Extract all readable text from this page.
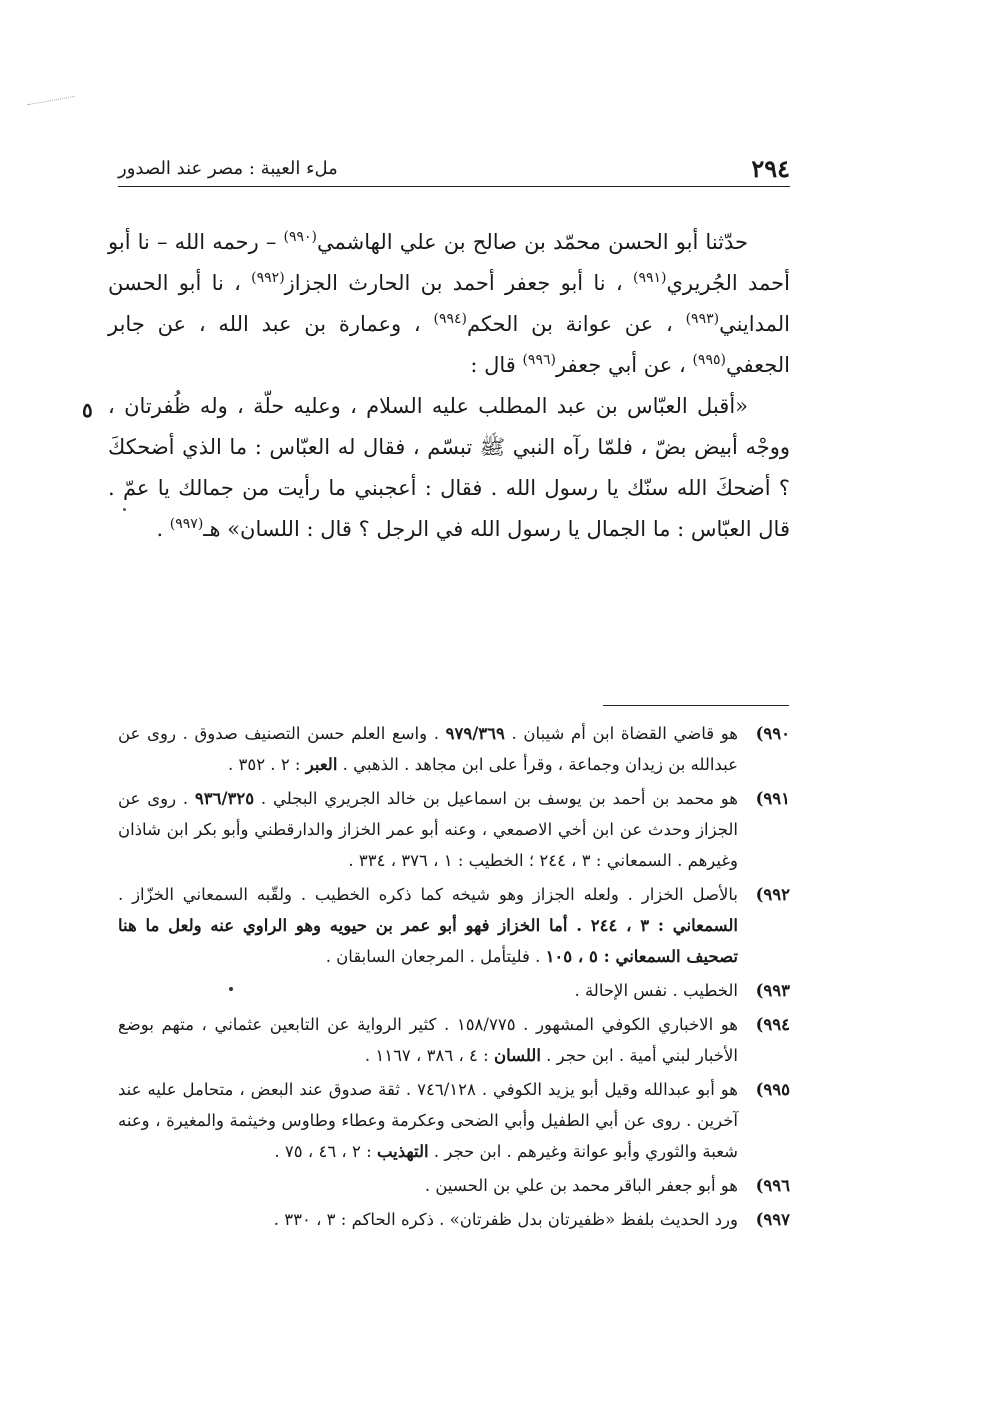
٢٩٤
ملء العيبة : مصر عند الصدور

  حدّثنا أبو الحسن محمّد بن صالح بن علي الهاشمي$^{(٩٩٠)}$ – رحمه الله – نا أبو أحمد الجُريري$^{(٩٩١)}$ ، نا أبو جعفر أحمد بن الحارث الجزاز$^{(٩٩٢)}$ ، نا أبو الحسن المدايني$^{(٩٩٣)}$ ، عن عوانة بن الحكم$^{(٩٩٤)}$ ، وعمارة بن عبد الله ، عن جابر الجعفي$^{(٩٩٥)}$ ، عن أبي جعفر$^{(٩٩٦)}$ قال :

  «أقبل العبّاس بن عبد المطلب عليه السلام ، وعليه حلّة ، وله ظُفرتان ، ووجْه أبيض بضّ ، فلمّا رآه النبي ﷺ تبسّم ، فقال له العبّاس : ما الذي أضحككَ ؟ أضحكَ الله سنّك يا رسول الله . فقال : أعجبني ما رأيت من جمالك يا عمّ . قال العبّاس : ما الجمال يا رسول الله في الرجل ؟ قال : اللسان» هـ$^{(٩٩٧)}$ .

٥
٩٩٠)
هو قاضي القضاة ابن أم شيبان . ٩٧٩/٣٦٩ . واسع العلم حسن التصنيف صدوق . روى عن عبدالله بن زيدان وجماعة ، وقرأ على ابن مجاهد . الذهبي . العبر : ٢ . ٣٥٢ .
٩٩١)
هو محمد بن أحمد بن يوسف بن اسماعيل بن خالد الجريري البجلي . ٩٣٦/٣٢٥ . روى عن الجزاز وحدث عن ابن أخي الاصمعي ، وعنه أبو عمر الخزاز والدارقطني وأبو بكر ابن شاذان وغيرهم . السمعاني : ٣ ، ٢٤٤ ؛ الخطيب : ١ ، ٣٧٦ ، ٣٣٤ .
٩٩٢)
بالأصل الخزار . ولعله الجزاز وهو شيخه كما ذكره الخطيب . ولقّبه السمعاني الخزّاز . السمعاني : ٣ ، ٢٤٤ . أما الخزاز فهو أبو عمر بن حيويه وهو الراوي عنه ولعل ما هنا تصحيف السمعاني : ٥ ، ١٠٥ . فليتأمل . المرجعان السابقان .
٩٩٣)
الخطيب . نفس الإحالة .
٩٩٤)
هو الاخباري الكوفي المشهور . ١٥٨/٧٧٥ . كثير الرواية عن التابعين عثماني ، متهم بوضع الأخبار لبني أمية . ابن حجر . اللسان : ٤ ، ٣٨٦ ، ١١٦٧ .
٩٩٥)
هو أبو عبدالله وقيل أبو يزيد الكوفي . ٧٤٦/١٢٨ . ثقة صدوق عند البعض ، متحامل عليه عند آخرين . روى عن أبي الطفيل وأبي الضحى وعكرمة وعطاء وطاوس وخيثمة والمغيرة ، وعنه شعبة والثوري وأبو عوانة وغيرهم . ابن حجر . التهذيب : ٢ ، ٤٦ ، ٧٥ .
٩٩٦)
هو أبو جعفر الباقر محمد بن علي بن الحسين .
٩٩٧)
ورد الحديث بلفظ «ظفيرتان بدل ظفرتان» . ذكره الحاكم : ٣ ، ٣٣٠ .
